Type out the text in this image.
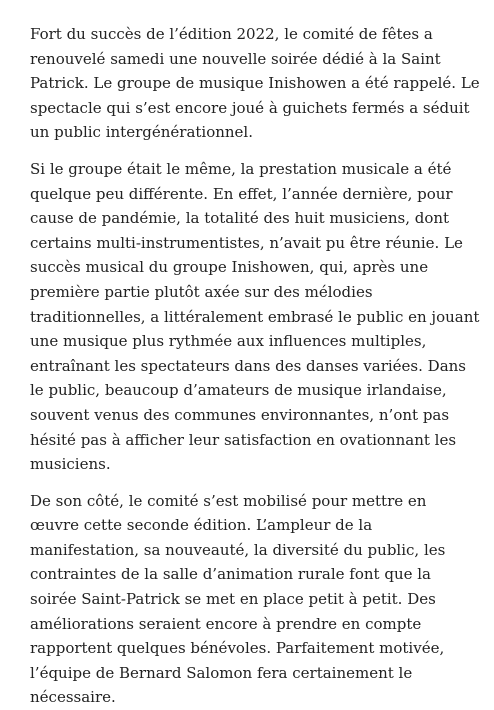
Fort du succès de l’édition 2022, le comité de fêtes a renouvelé samedi une nouvelle soirée dédié à la Saint Patrick. Le groupe de musique Inishowen a été rappelé. Le spectacle qui s’est encore joué à guichets fermés a séduit un public intergénérationnel.

Si le groupe était le même, la prestation musicale a été quelque peu différente. En effet, l’année dernière, pour cause de pandémie, la totalité des huit musiciens, dont certains multi-instrumentistes, n’avait pu être réunie. Le succès musical du groupe Inishowen, qui, après une première partie plutôt axée sur des mélodies traditionnelles, a littéralement embrasé le public en jouant une musique plus rythmée aux influences multiples, entraînant les spectateurs dans des danses variées. Dans le public, beaucoup d’amateurs de musique irlandaise, souvent venus des communes environnantes, n’ont pas hésité pas à afficher leur satisfaction en ovationnant les musiciens.

De son côté, le comité s’est mobilisé pour mettre en œuvre cette seconde édition. L’ampleur de la manifestation, sa nouveauté, la diversité du public, les contraintes de la salle d’animation rurale font que la soirée Saint-Patrick se met en place petit à petit. Des améliorations seraient encore à prendre en compte rapportent quelques bénévoles. Parfaitement motivée, l’équipe de Bernard Salomon fera certainement le nécessaire.
